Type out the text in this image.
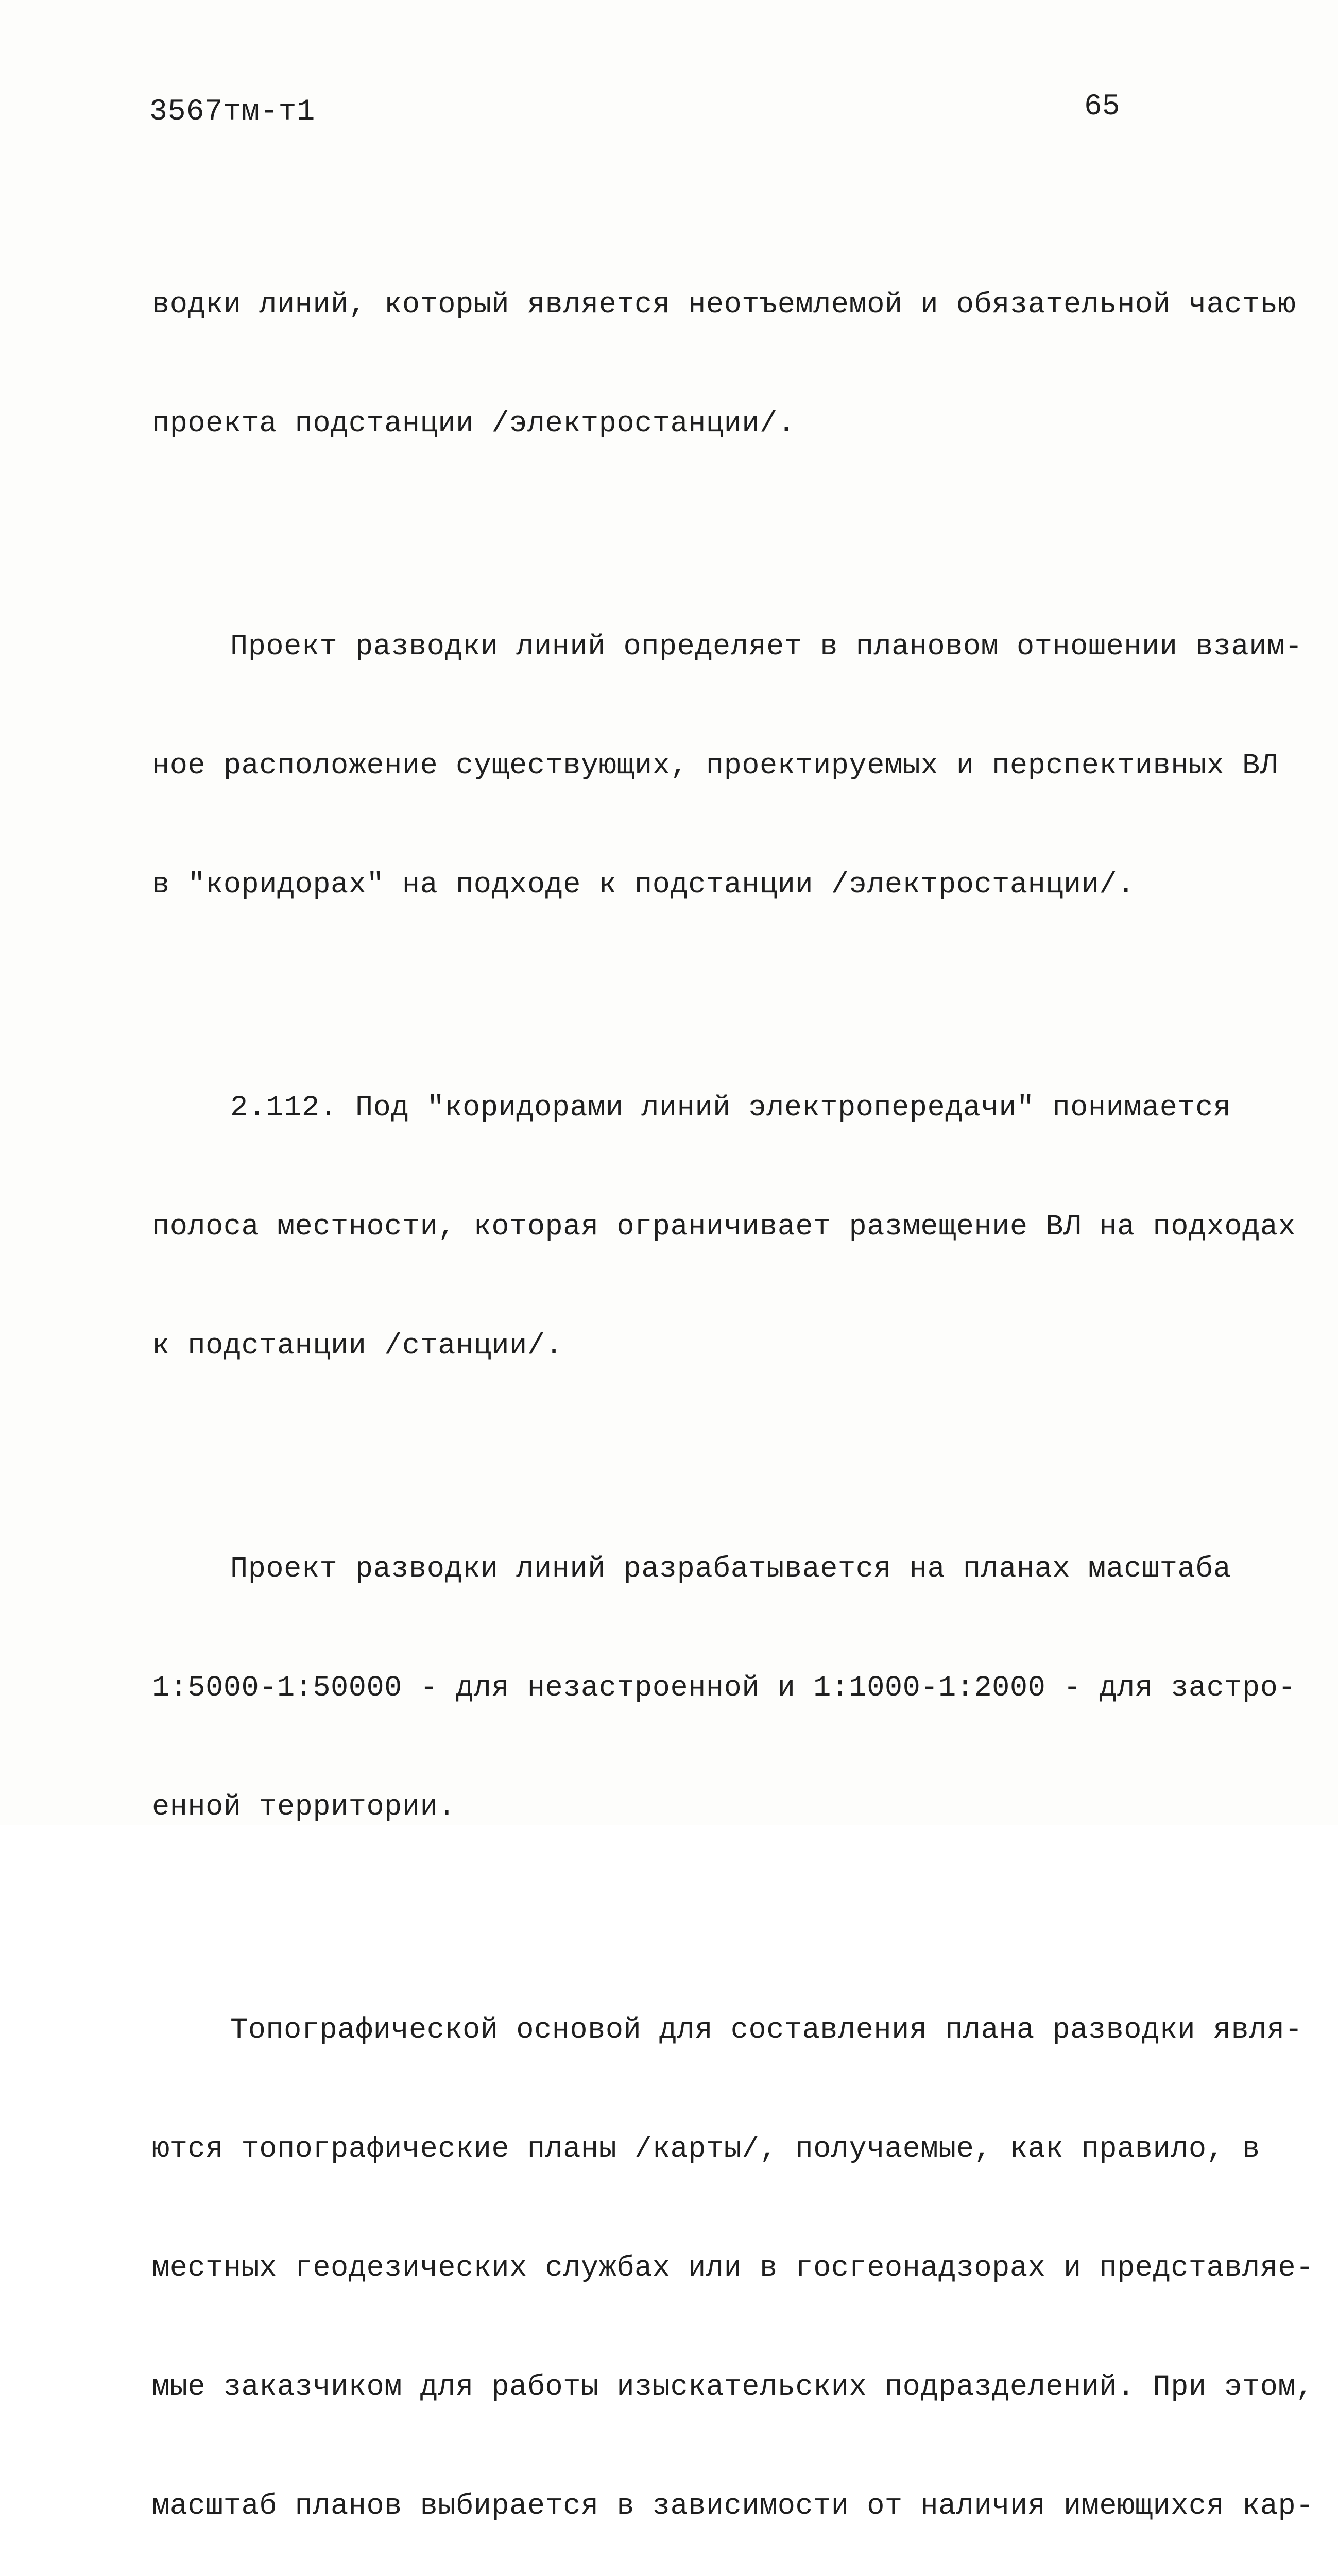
3567тм-т1	65

водки линий, который является неотъемлемой и обязательной частью

проекта подстанции /электростанции/.

Проект разводки линий определяет в плановом отношении взаим-

ное расположение существующих, проектируемых и перспективных ВЛ

в "коридорах" на подходе к подстанции /электростанции/.

2.112. Под "коридорами линий электропередачи" понимается

полоса местности, которая ограничивает размещение ВЛ на подходах

к подстанции /станции/.

Проект разводки линий разрабатывается на планах масштаба

1:5000-1:50000 - для незастроенной и 1:1000-1:2000 - для застро-

енной территории.

Топографической основой для составления плана разводки явля-

ются топографические планы /карты/, получаемые, как правило, в

местных геодезических службах или в госгеонадзорах и представляе-

мые заказчиком для работы изыскательских подразделений. При этом,

масштаб планов выбирается в зависимости от наличия имеющихся кар-
